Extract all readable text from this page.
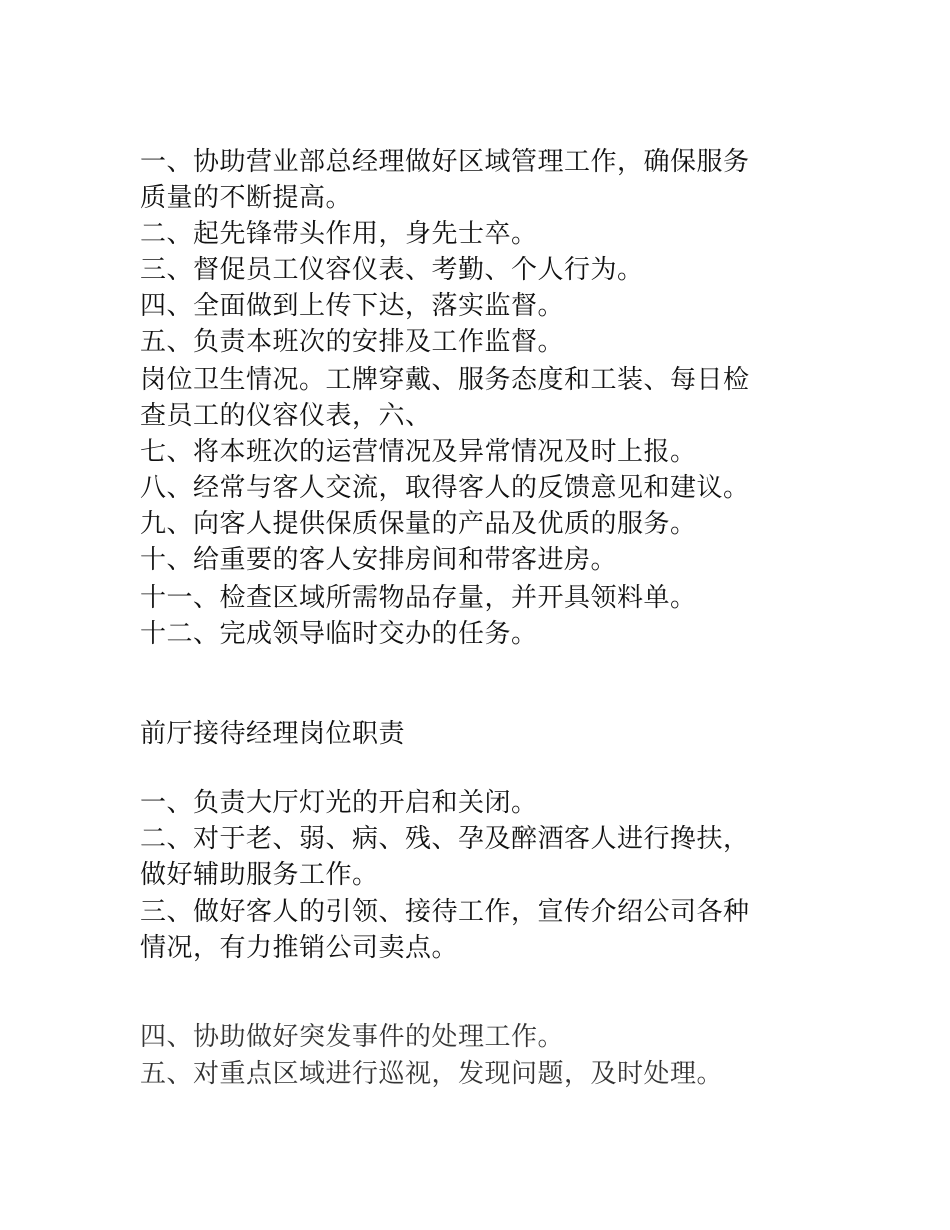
一、协助营业部总经理做好区域管理工作，确保服务
质量的不断提高。
二、起先锋带头作用，身先士卒。
三、督促员工仪容仪表、考勤、个人行为。
四、全面做到上传下达，落实监督。
五、负责本班次的安排及工作监督。
岗位卫生情况。工牌穿戴、服务态度和工装、每日检
查员工的仪容仪表，六、
七、将本班次的运营情况及异常情况及时上报。
八、经常与客人交流，取得客人的反馈意见和建议。
九、向客人提供保质保量的产品及优质的服务。
十、给重要的客人安排房间和带客进房。
十一、检查区域所需物品存量，并开具领料单。
十二、完成领导临时交办的任务。
前厅接待经理岗位职责
一、负责大厅灯光的开启和关闭。
二、对于老、弱、病、残、孕及醉酒客人进行搀扶，
做好辅助服务工作。
三、做好客人的引领、接待工作，宣传介绍公司各种
情况，有力推销公司卖点。
四、协助做好突发事件的处理工作。
五、对重点区域进行巡视，发现问题，及时处理。
